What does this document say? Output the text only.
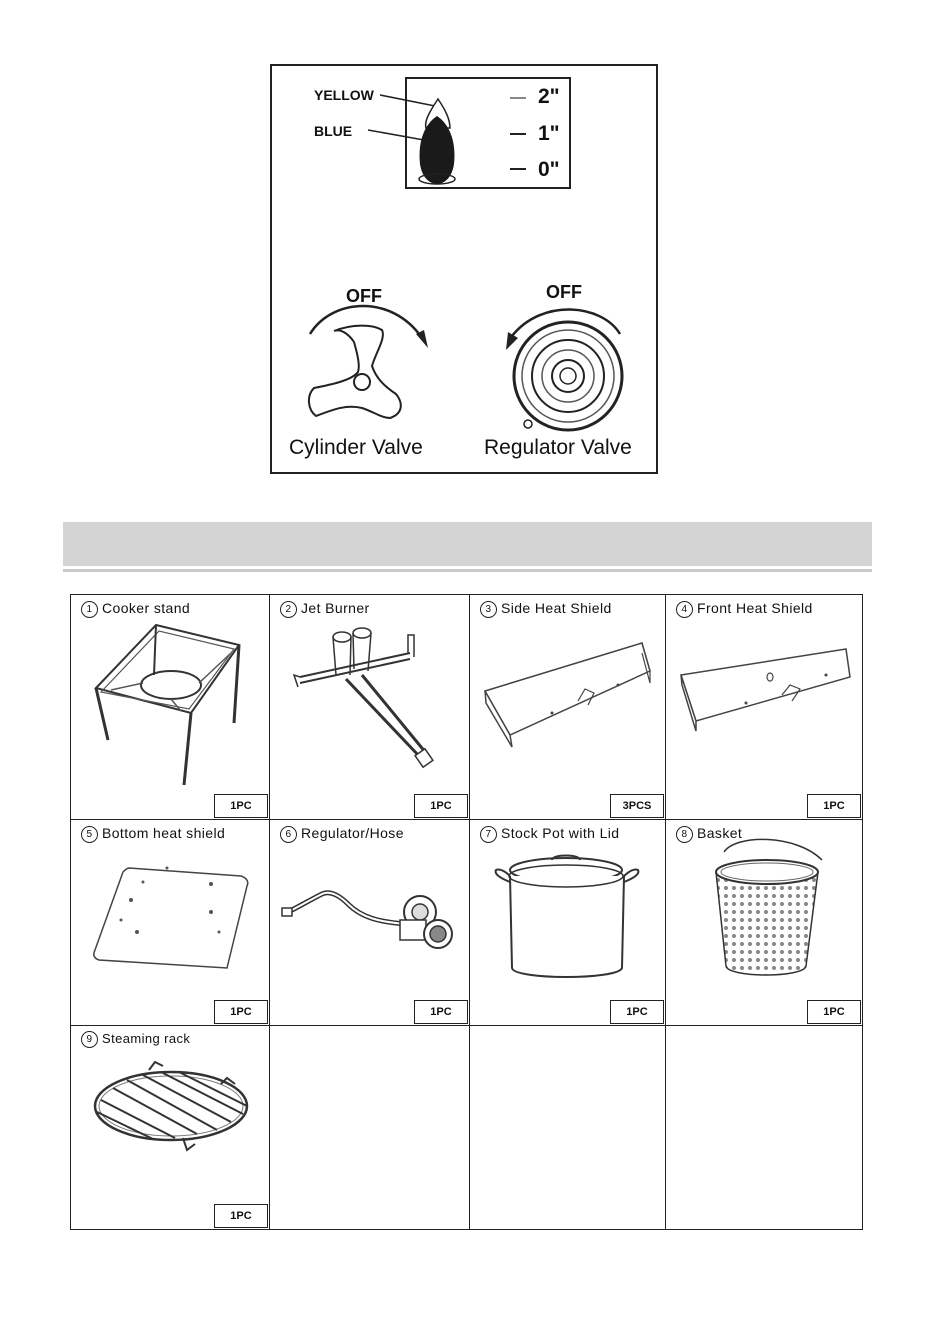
YELLOW
BLUE
2"
1"
0"
OFF	OFF
Cylinder Valve	Regulator Valve
1 Cooker stand
1PC
2 Jet Burner
1PC
3 Side Heat Shield
3PCS
4 Front Heat Shield
1PC
5 Bottom heat shield
1PC
6 Regulator/Hose
1PC
7 Stock Pot with Lid
1PC
8 Basket
1PC
9 Steaming rack
1PC
